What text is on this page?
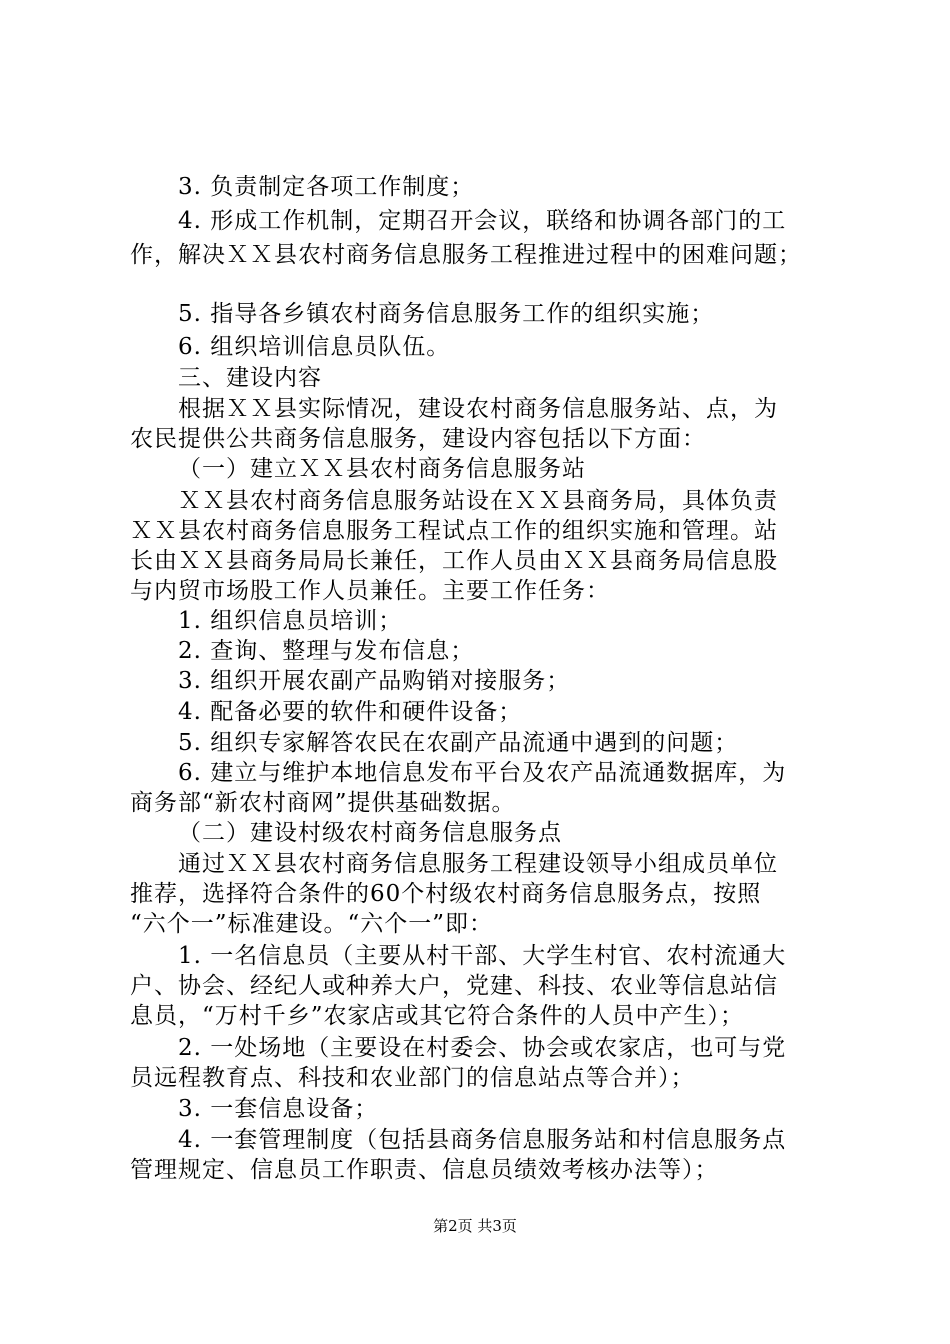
3. 负责制定各项工作制度；
4. 形成工作机制，定期召开会议，联络和协调各部门的工
作，解决ＸＸ县农村商务信息服务工程推进过程中的困难问题；
5. 指导各乡镇农村商务信息服务工作的组织实施；
6. 组织培训信息员队伍。
三、建设内容
根据ＸＸ县实际情况，建设农村商务信息服务站、点，为
农民提供公共商务信息服务，建设内容包括以下方面：
（一）建立ＸＸ县农村商务信息服务站
ＸＸ县农村商务信息服务站设在ＸＸ县商务局，具体负责
ＸＸ县农村商务信息服务工程试点工作的组织实施和管理。站
长由ＸＸ县商务局局长兼任，工作人员由ＸＸ县商务局信息股
与内贸市场股工作人员兼任。主要工作任务：
1. 组织信息员培训；
2. 查询、整理与发布信息；
3. 组织开展农副产品购销对接服务；
4. 配备必要的软件和硬件设备；
5. 组织专家解答农民在农副产品流通中遇到的问题；
6. 建立与维护本地信息发布平台及农产品流通数据库，为
商务部“新农村商网”提供基础数据。
（二）建设村级农村商务信息服务点
通过ＸＸ县农村商务信息服务工程建设领导小组成员单位
推荐，选择符合条件的60个村级农村商务信息服务点，按照
“六个一”标准建设。“六个一”即：
1. 一名信息员（主要从村干部、大学生村官、农村流通大
户、协会、经纪人或种养大户，党建、科技、农业等信息站信
息员，“万村千乡”农家店或其它符合条件的人员中产生）；
2. 一处场地（主要设在村委会、协会或农家店，也可与党
员远程教育点、科技和农业部门的信息站点等合并）；
3. 一套信息设备；
4. 一套管理制度（包括县商务信息服务站和村信息服务点
管理规定、信息员工作职责、信息员绩效考核办法等）；
第2页 共3页
